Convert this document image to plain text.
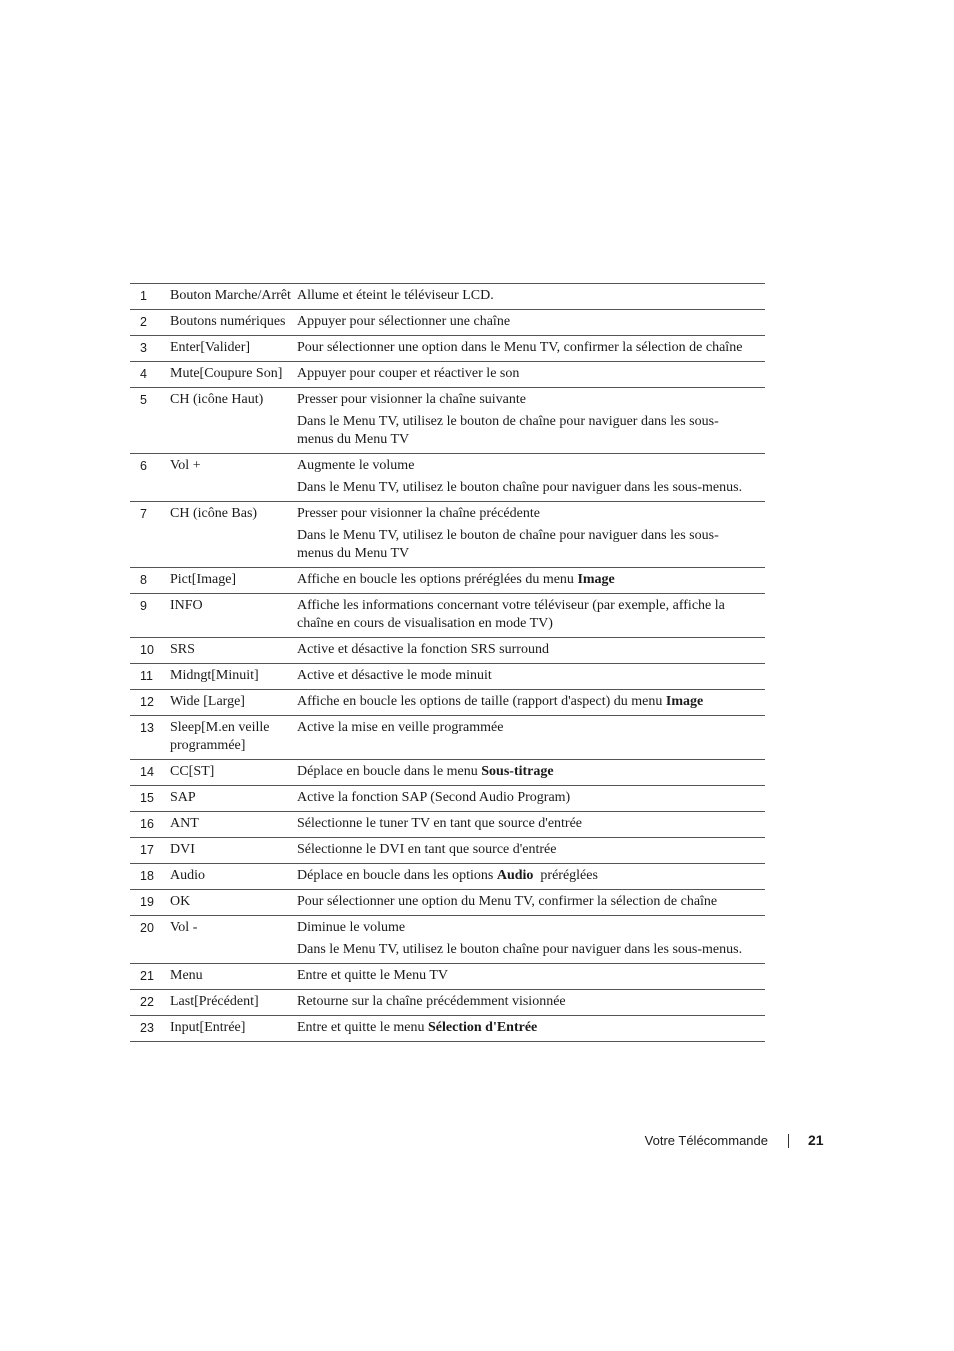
1	Bouton Marche/Arrêt	Allume et éteint le téléviseur LCD.

2	Boutons numériques	Appuyer pour sélectionner une chaîne

3	Enter[Valider]	Pour sélectionner une option dans le Menu TV, confirmer la sélection de chaîne

4	Mute[Coupure Son]	Appuyer pour couper et réactiver le son

5	CH (icône Haut)	Presser pour visionner la chaîne suivante

Dans le Menu TV, utilisez le bouton de chaîne pour naviguer dans les sous-menus du Menu TV

6	Vol +	Augmente le volume

Dans le Menu TV, utilisez le bouton chaîne pour naviguer dans les sous-menus.

7	CH (icône Bas)	Presser pour visionner la chaîne précédente

Dans le Menu TV, utilisez le bouton de chaîne pour naviguer dans les sous-menus du Menu TV

8	Pict[Image]	Affiche en boucle les options préréglées du menu Image

9	INFO	Affiche les informations concernant votre téléviseur (par exemple, affiche la chaîne en cours de visualisation en mode TV)

10	SRS	Active et désactive la fonction SRS surround

11	Midngt[Minuit]	Active et désactive le mode minuit

12	Wide [Large]	Affiche en boucle les options de taille (rapport d'aspect) du menu Image

13	Sleep[M.en veille programmée]	Active la mise en veille programmée

14	CC[ST]	Déplace en boucle dans le menu Sous-titrage

15	SAP	Active la fonction SAP (Second Audio Program)

16	ANT	Sélectionne le tuner TV en tant que source d'entrée

17	DVI	Sélectionne le DVI en tant que source d'entrée

18	Audio	Déplace en boucle dans les options Audio  préréglées

19	OK	Pour sélectionner une option du Menu TV, confirmer la sélection de chaîne

20	Vol -	Diminue le volume

Dans le Menu TV, utilisez le bouton chaîne pour naviguer dans les sous-menus.

21	Menu	Entre et quitte le Menu TV

22	Last[Précédent]	Retourne sur la chaîne précédemment visionnée

23	Input[Entrée]	Entre et quitte le menu Sélection d'Entrée

Votre Télécommande	21
